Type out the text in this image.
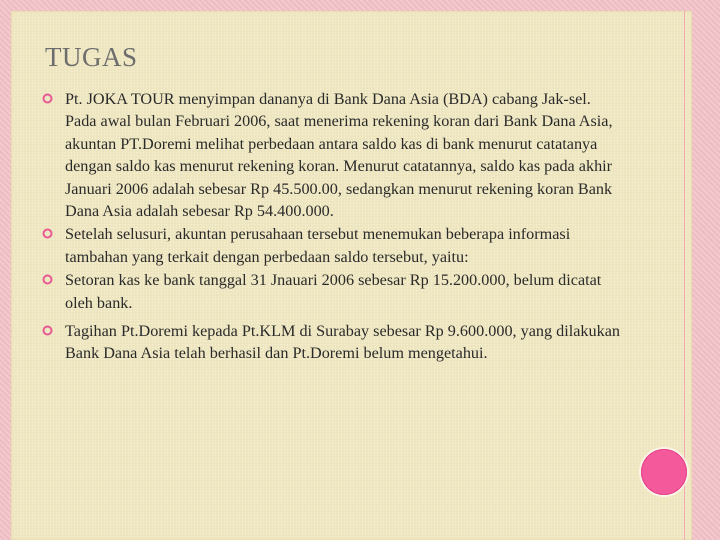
TUGAS
Pt. JOKA TOUR menyimpan dananya di Bank Dana Asia (BDA) cabang Jak-sel. Pada awal bulan Februari 2006, saat menerima rekening koran dari Bank Dana Asia, akuntan PT.Doremi melihat perbedaan antara saldo kas di bank menurut catatanya dengan saldo kas menurut rekening koran. Menurut catatannya, saldo kas pada akhir Januari 2006 adalah sebesar Rp 45.500.00, sedangkan menurut rekening koran Bank Dana Asia adalah sebesar Rp 54.400.000.
Setelah selusuri, akuntan perusahaan tersebut menemukan beberapa informasi tambahan yang terkait dengan perbedaan saldo tersebut, yaitu:
Setoran kas ke bank tanggal 31 Jnauari 2006 sebesar Rp 15.200.000, belum dicatat oleh bank.
Tagihan Pt.Doremi kepada Pt.KLM di Surabay sebesar Rp 9.600.000, yang dilakukan Bank Dana Asia telah berhasil dan Pt.Doremi belum mengetahui.
